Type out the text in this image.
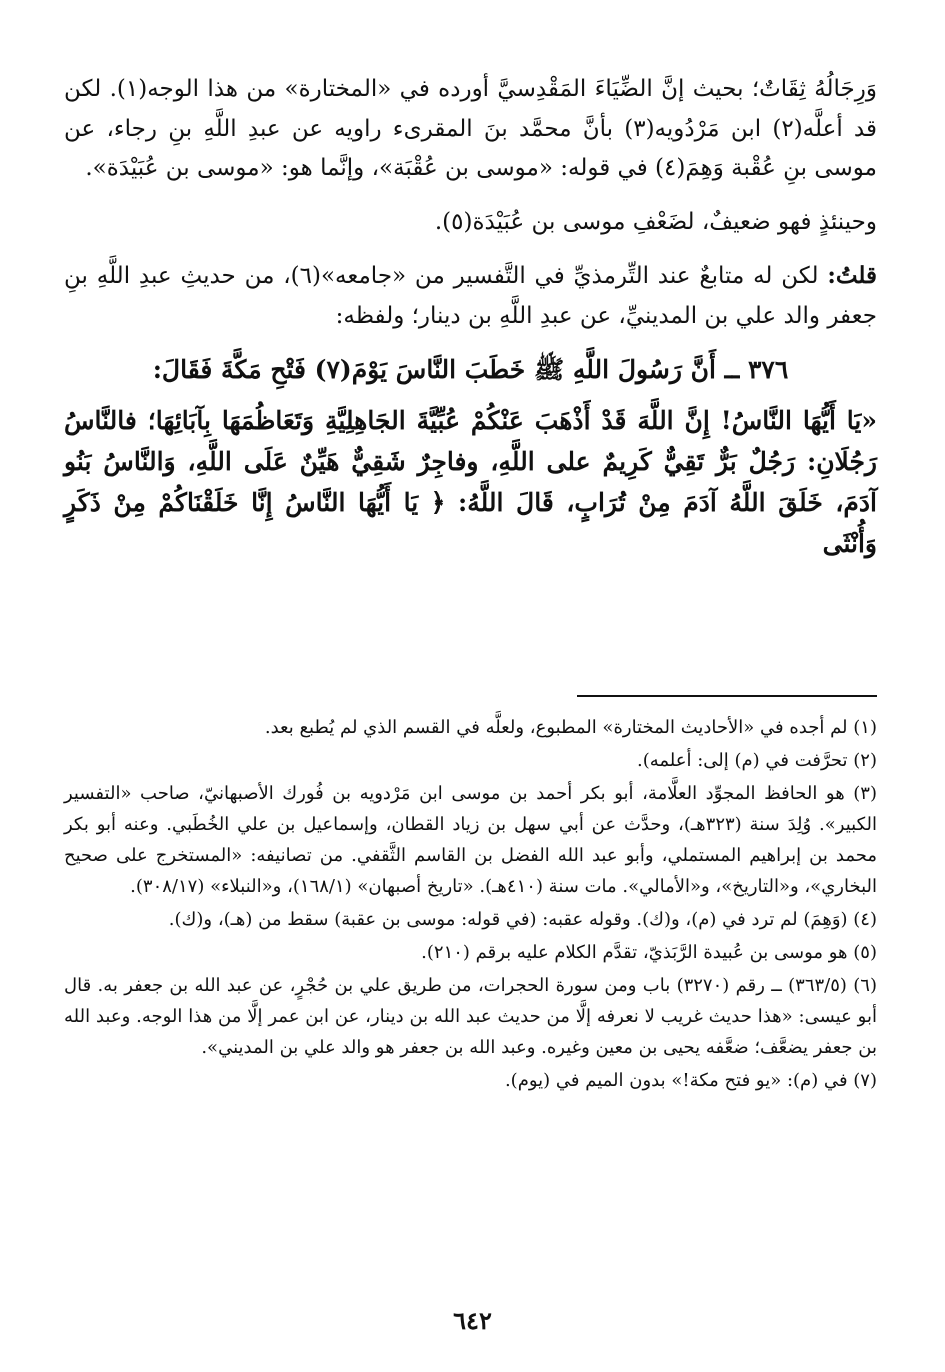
وَرِجَالُهُ ثِقَاتٌ؛ بحيث إنَّ الضِّيَاءَ المَقْدِسيَّ أورده في «المختارة» من هذا الوجه(١). لكن قد أعلَّه(٢) ابن مَرْدُويه(٣) بأنَّ محمَّد بنَ المقرىء راويه عن عبدِ اللَّهِ بنِ رجاء، عن موسى بنِ عُقْبة وَهِمَ(٤) في قوله: «موسى بن عُقْبَة»، وإنَّما هو: «موسى بن عُبَيْدَة».

وحينئذٍ فهو ضعيفٌ، لضَعْفِ موسى بن عُبَيْدَة(٥).

قلتُ: لكن له متابعٌ عند التِّرمذيِّ في التَّفسير من «جامعه»(٦)، من حديثِ عبدِ اللَّهِ بنِ جعفر والد علي بن المدينيِّ، عن عبدِ اللَّهِ بن دينار؛ ولفظه:

٣٧٦ ــ أَنَّ رَسُولَ اللَّهِ ﷺ خَطَبَ النَّاسَ يَوْمَ(٧) فَتْحِ مَكَّةَ فَقَالَ:

«يَا أَيُّهَا النَّاسُ! إِنَّ اللَّهَ قَدْ أَذْهَبَ عَنْكُمْ عُبِّيَّةَ الجَاهِلِيَّةِ وَتَعَاظُمَهَا بِآبَائِهَا؛ فالنَّاسُ رَجُلَانِ: رَجُلٌ بَرٌّ تَقِيٌّ كَرِيمٌ على اللَّهِ، وفاجِرٌ شَقِيٌّ هَيِّنٌ عَلَى اللَّهِ، وَالنَّاسُ بَنُو آدَمَ، خَلَقَ اللَّهُ آدَمَ مِنْ تُرَابٍ، قَالَ اللَّهُ: ﴿ يَا أَيُّهَا النَّاسُ إِنَّا خَلَقْنَاكُمْ مِنْ ذَكَرٍ وَأُنْثَى

(١) لم أجده في «الأحاديث المختارة» المطبوع، ولعلَّه في القسم الذي لم يُطبع بعد.

(٢) تحرَّفت في (م) إلى: أعلمه).

(٣) هو الحافظ المجوِّد العلَّامة، أبو بكر أحمد بن موسى ابن مَرْدويه بن فُورك الأصبهانيّ، صاحب «التفسير الكبير». وُلِدَ سنة (٣٢٣هـ)، وحدَّث عن أبي سهل بن زياد القطان، وإسماعيل بن علي الخُطَبي. وعنه أبو بكر محمد بن إبراهيم المستملي، وأبو عبد الله الفضل بن القاسم الثَّقفي. من تصانيفه: «المستخرج على صحيح البخاري»، و«التاريخ»، و«الأمالي». مات سنة (٤١٠هـ). «تاريخ أصبهان» (١٦٨/١)، و«النبلاء» (٣٠٨/١٧).

(٤) (وَهِمَ) لم ترد في (م)، و(ك). وقوله عقبه: (في قوله: موسى بن عقبة) سقط من (هـ)، و(ك).

(٥) هو موسى بن عُبيدة الرَّبَذيّ، تقدَّم الكلام عليه برقم (٢١٠).

(٦) (٣٦٣/٥) ــ رقم (٣٢٧٠) باب ومن سورة الحجرات، من طريق علي بن حُجْرٍ، عن عبد الله بن جعفر به. قال أبو عيسى: «هذا حديث غريب لا نعرفه إلَّا من حديث عبد الله بن دينار، عن ابن عمر إلَّا من هذا الوجه. وعبد الله بن جعفر يضعَّف؛ ضعَّفه يحيى بن معين وغيره. وعبد الله بن جعفر هو والد علي بن المديني».

(٧) في (م): «يو فتح مكة!» بدون الميم في (يوم).

٦٤٢
